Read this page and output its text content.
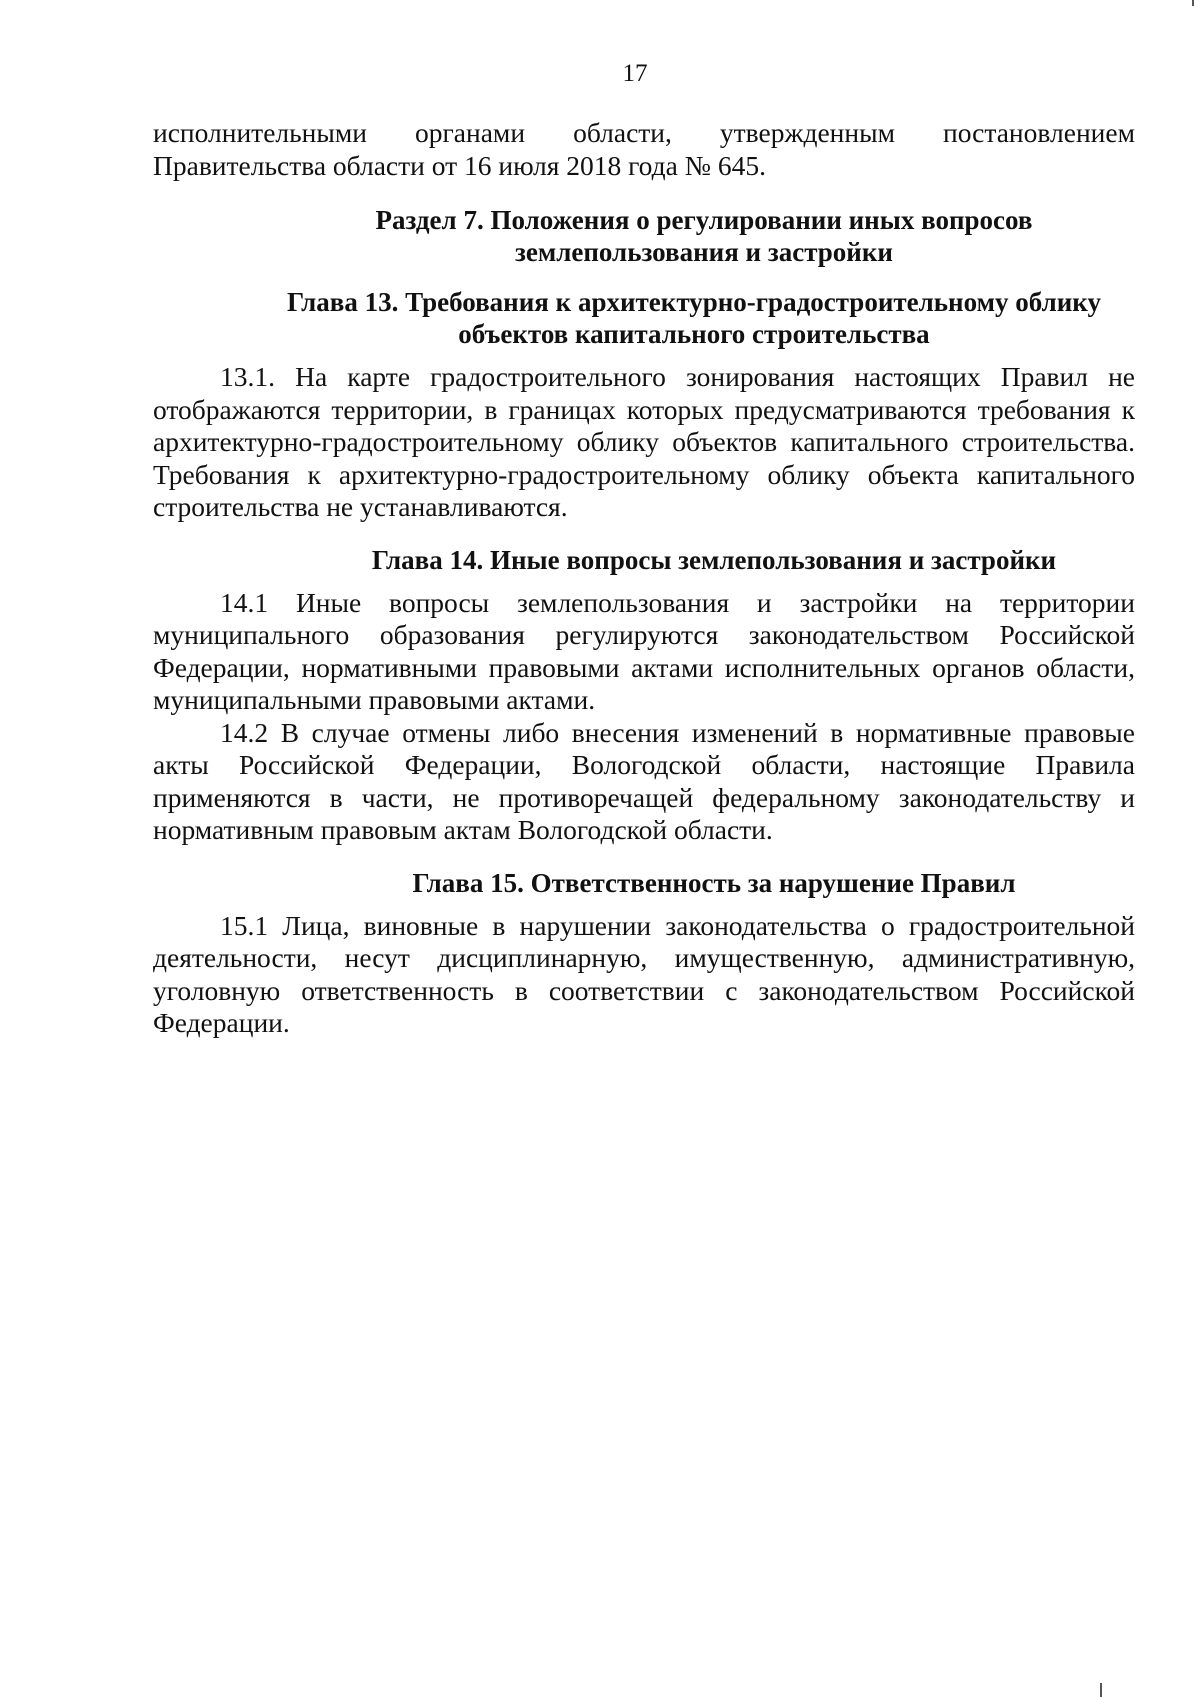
17

исполнительными органами области, утвержденным постановлением Правительства области от 16 июля 2018 года № 645.

Раздел 7. Положения о регулировании иных вопросов землепользования и застройки
Глава 13. Требования к архитектурно-градостроительному облику объектов капитального строительства

13.1. На карте градостроительного зонирования настоящих Правил не отображаются территории, в границах которых предусматриваются требования к архитектурно-градостроительному облику объектов капитального строительства. Требования к архитектурно-градостроительному облику объекта капитального строительства не устанавливаются.

Глава 14. Иные вопросы землепользования и застройки

14.1 Иные вопросы землепользования и застройки на территории муниципального образования регулируются законодательством Российской Федерации, нормативными правовыми актами исполнительных органов области, муниципальными правовыми актами.

14.2 В случае отмены либо внесения изменений в нормативные правовые акты Российской Федерации, Вологодской области, настоящие Правила применяются в части, не противоречащей федеральному законодательству и нормативным правовым актам Вологодской области.

Глава 15. Ответственность за нарушение Правил

15.1 Лица, виновные в нарушении законодательства о градостроительной деятельности, несут дисциплинарную, имущественную, административную, уголовную ответственность в соответствии с законодательством Российской Федерации.
